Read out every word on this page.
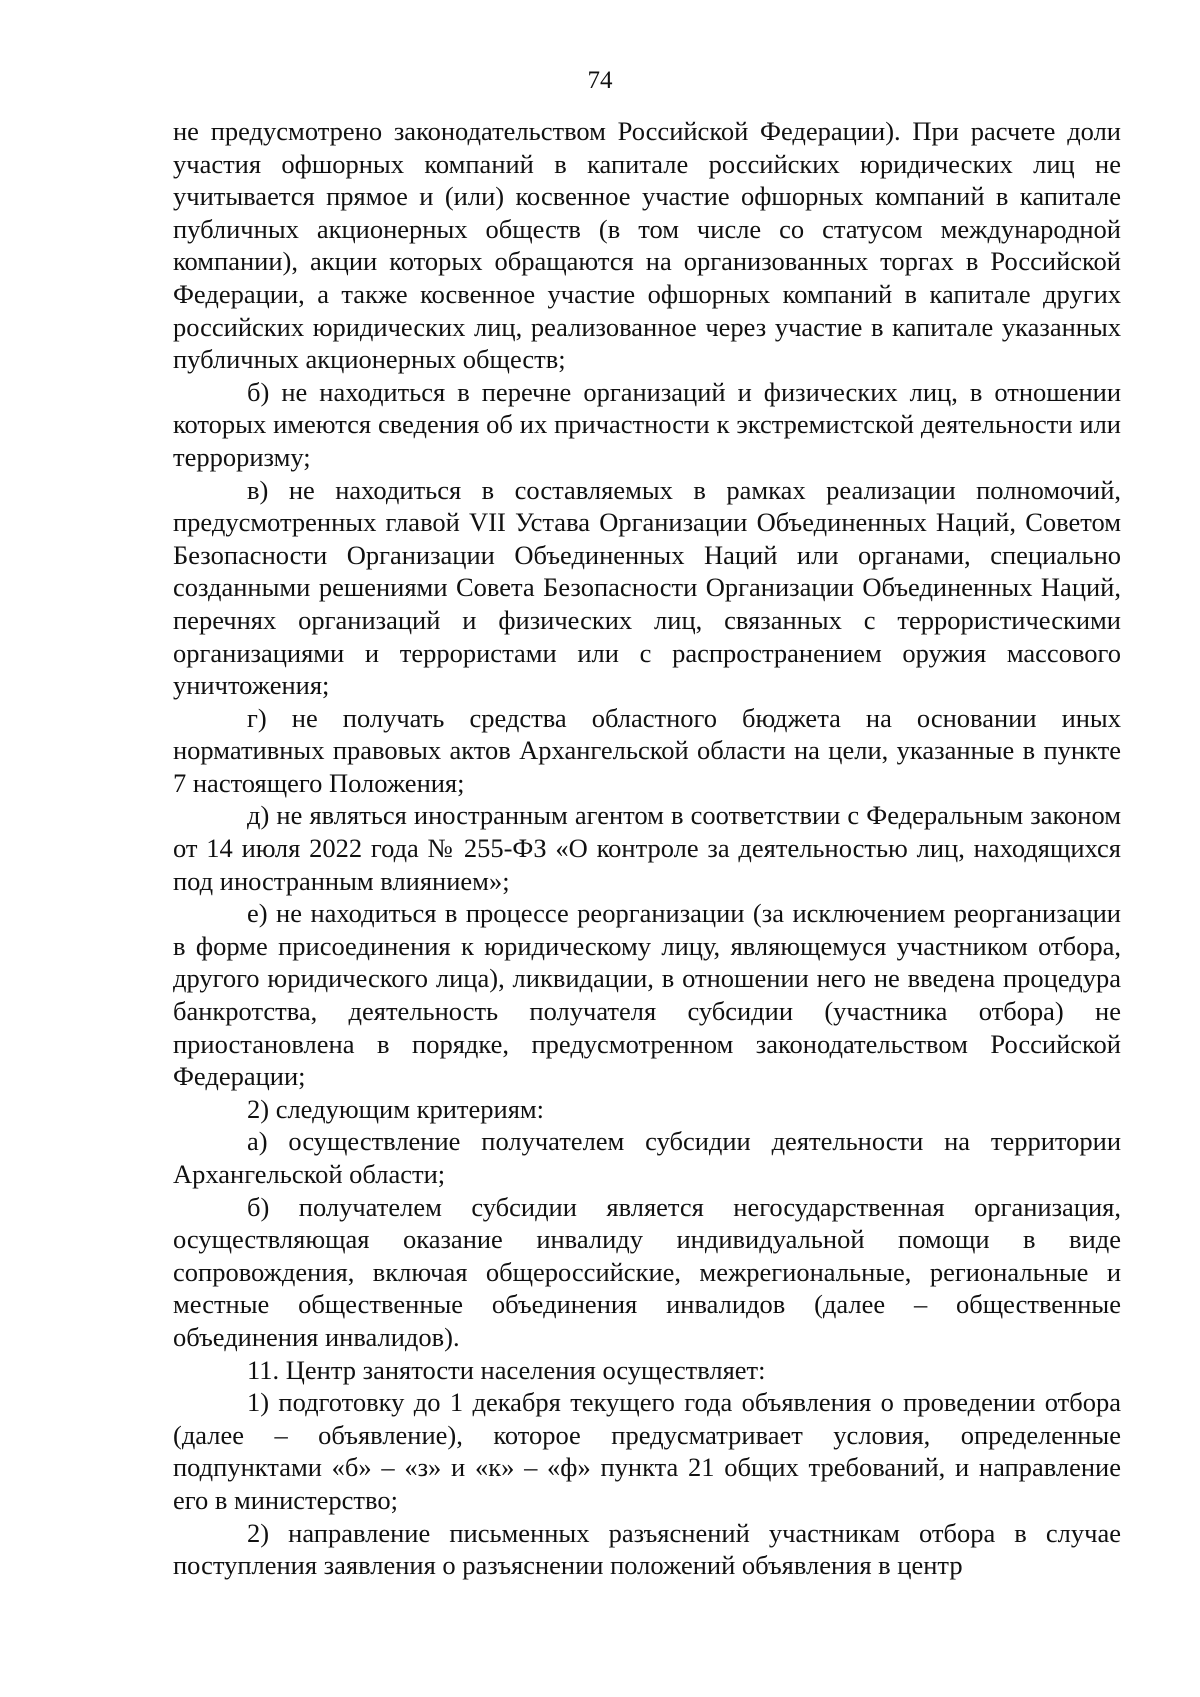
74

не предусмотрено законодательством Российской Федерации). При расчете доли участия офшорных компаний в капитале российских юридических лиц не учитывается прямое и (или) косвенное участие офшорных компаний в капитале публичных акционерных обществ (в том числе со статусом международной компании), акции которых обращаются на организованных торгах в Российской Федерации, а также косвенное участие офшорных компаний в капитале других российских юридических лиц, реализованное через участие в капитале указанных публичных акционерных обществ;

б) не находиться в перечне организаций и физических лиц, в отношении которых имеются сведения об их причастности к экстремистской деятельности или терроризму;

в) не находиться в составляемых в рамках реализации полномочий, предусмотренных главой VII Устава Организации Объединенных Наций, Советом Безопасности Организации Объединенных Наций или органами, специально созданными решениями Совета Безопасности Организации Объединенных Наций, перечнях организаций и физических лиц, связанных с террористическими организациями и террористами или с распространением оружия массового уничтожения;

г) не получать средства областного бюджета на основании иных нормативных правовых актов Архангельской области на цели, указанные в пункте 7 настоящего Положения;

д) не являться иностранным агентом в соответствии с Федеральным законом от 14 июля 2022 года № 255-ФЗ «О контроле за деятельностью лиц, находящихся под иностранным влиянием»;

е) не находиться в процессе реорганизации (за исключением реорганизации в форме присоединения к юридическому лицу, являющемуся участником отбора, другого юридического лица), ликвидации, в отношении него не введена процедура банкротства, деятельность получателя субсидии (участника отбора) не приостановлена в порядке, предусмотренном законодательством Российской Федерации;

2) следующим критериям:

а) осуществление получателем субсидии деятельности на территории Архангельской области;

б) получателем субсидии является негосударственная организация, осуществляющая оказание инвалиду индивидуальной помощи в виде сопровождения, включая общероссийские, межрегиональные, региональные и местные общественные объединения инвалидов (далее – общественные объединения инвалидов).

11. Центр занятости населения осуществляет:

1) подготовку до 1 декабря текущего года объявления о проведении отбора (далее – объявление), которое предусматривает условия, определенные подпунктами «б» – «з» и «к» – «ф» пункта 21 общих требований, и направление его в министерство;

2) направление письменных разъяснений участникам отбора в случае поступления заявления о разъяснении положений объявления в центр
